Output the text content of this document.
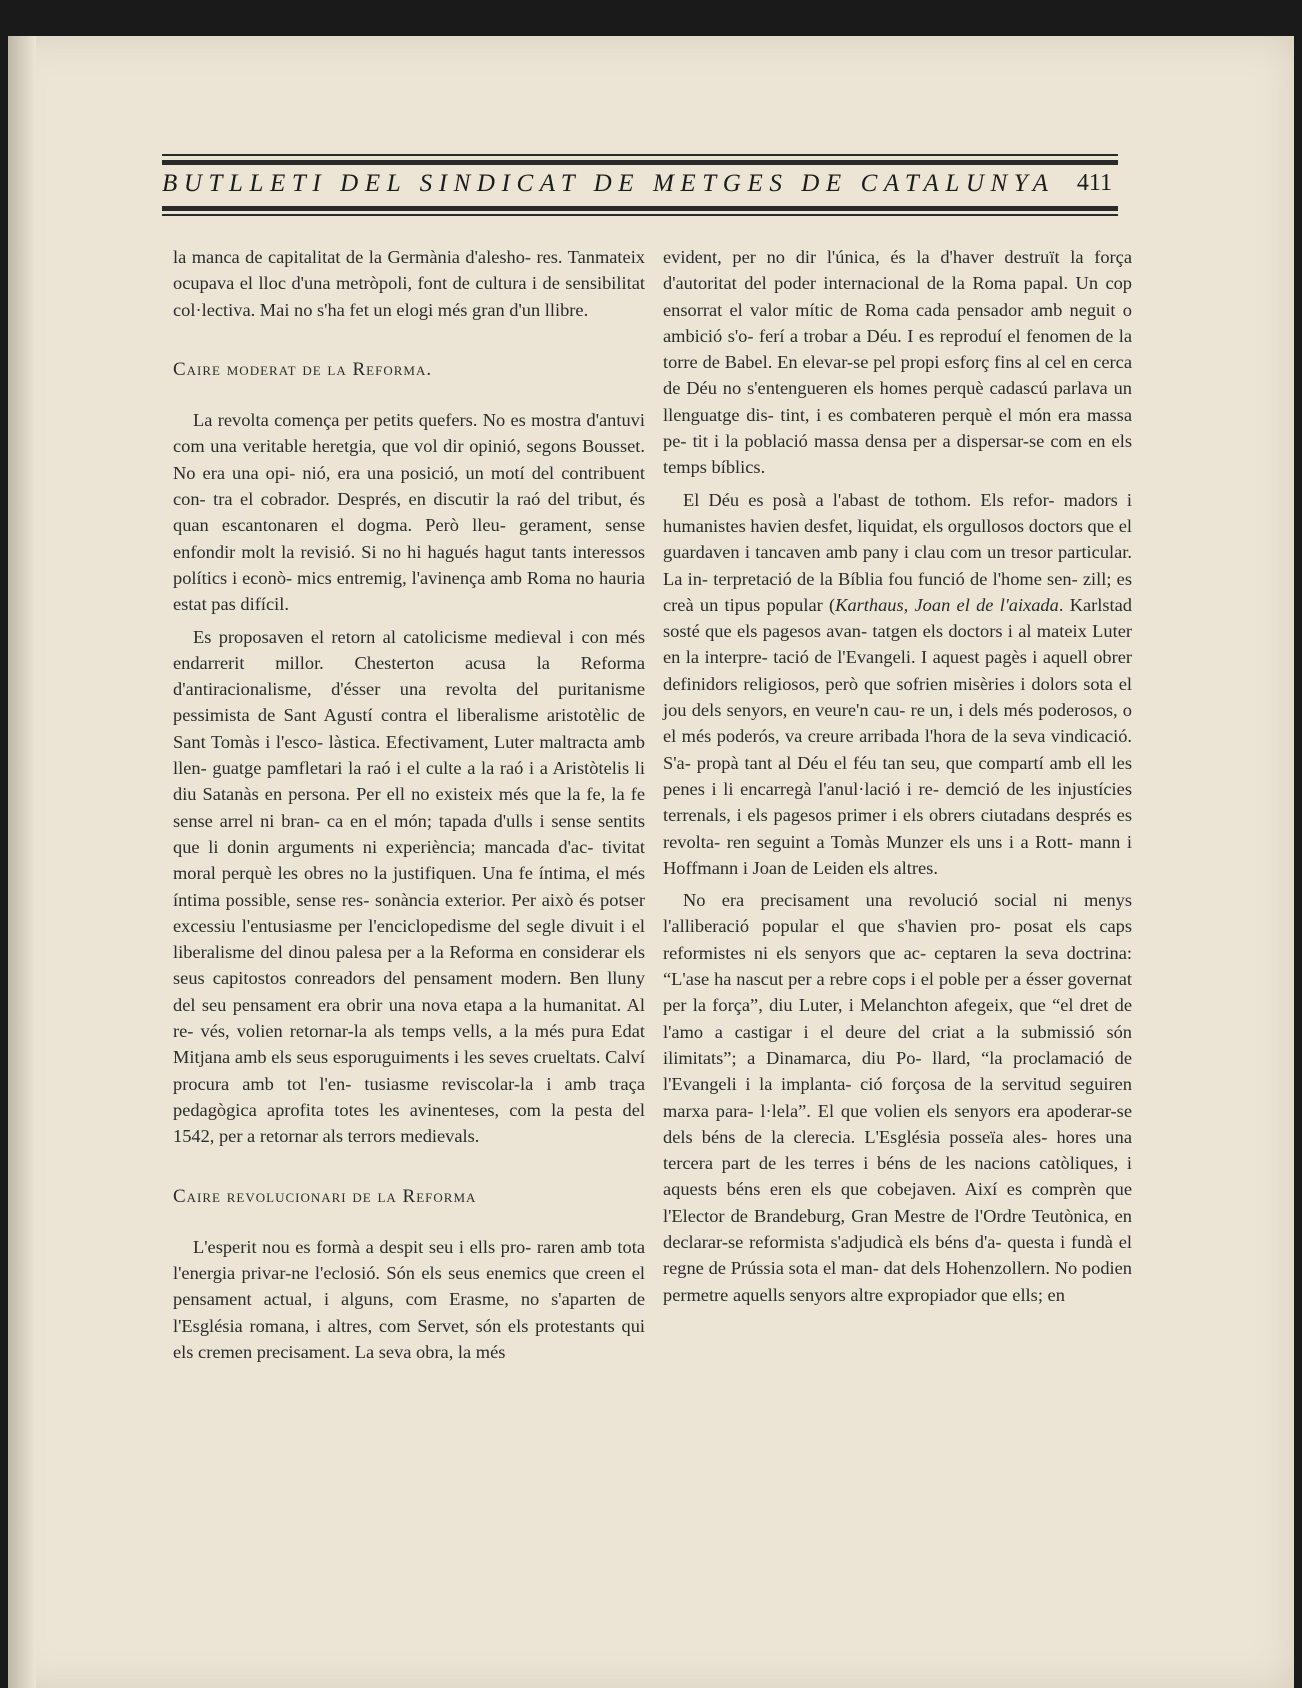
BUTLLETI DEL SINDICAT DE METGES DE CATALUNYA 411

la manca de capitalitat de la Germània d'alesho- res. Tanmateix ocupava el lloc d'una metròpoli, font de cultura i de sensibilitat col·lectiva. Mai no s'ha fet un elogi més gran d'un llibre.

Caire moderat de la Reforma.

La revolta comença per petits quefers. No es mostra d'antuvi com una veritable heretgia, que vol dir opinió, segons Bousset. No era una opi- nió, era una posició, un motí del contribuent con- tra el cobrador. Després, en discutir la raó del tribut, és quan escantonaren el dogma. Però lleu- gerament, sense enfondir molt la revisió. Si no hi hagués hagut tants interessos polítics i econò- mics entremig, l'avinença amb Roma no hauria estat pas difícil.

Es proposaven el retorn al catolicisme medieval i con més endarrerit millor. Chesterton acusa la Reforma d'antiracionalisme, d'ésser una revolta del puritanisme pessimista de Sant Agustí contra el liberalisme aristotèlic de Sant Tomàs i l'esco- làstica. Efectivament, Luter maltracta amb llen- guatge pamfletari la raó i el culte a la raó i a Aristòtelis li diu Satanàs en persona. Per ell no existeix més que la fe, la fe sense arrel ni bran- ca en el món; tapada d'ulls i sense sentits que li donin arguments ni experiència; mancada d'ac- tivitat moral perquè les obres no la justifiquen. Una fe íntima, el més íntima possible, sense res- sonància exterior. Per això és potser excessiu l'entusiasme per l'enciclopedisme del segle divuit i el liberalisme del dinou palesa per a la Reforma en considerar els seus capitostos conreadors del pensament modern. Ben lluny del seu pensament era obrir una nova etapa a la humanitat. Al re- vés, volien retornar-la als temps vells, a la més pura Edat Mitjana amb els seus esporuguiments i les seves crueltats. Calví procura amb tot l'en- tusiasme reviscolar-la i amb traça pedagògica aprofita totes les avinenteses, com la pesta del 1542, per a retornar als terrors medievals.

Caire revolucionari de la Reforma

L'esperit nou es formà a despit seu i ells pro- raren amb tota l'energia privar-ne l'eclosió. Són els seus enemics que creen el pensament actual, i alguns, com Erasme, no s'aparten de l'Església romana, i altres, com Servet, són els protestants qui els cremen precisament. La seva obra, la més

evident, per no dir l'única, és la d'haver destruït la força d'autoritat del poder internacional de la Roma papal. Un cop ensorrat el valor mític de Roma cada pensador amb neguit o ambició s'o- ferí a trobar a Déu. I es reproduí el fenomen de la torre de Babel. En elevar-se pel propi esforç fins al cel en cerca de Déu no s'entengueren els homes perquè cadascú parlava un llenguatge dis- tint, i es combateren perquè el món era massa pe- tit i la població massa densa per a dispersar-se com en els temps bíblics.

El Déu es posà a l'abast de tothom. Els refor- madors i humanistes havien desfet, liquidat, els orgullosos doctors que el guardaven i tancaven amb pany i clau com un tresor particular. La in- terpretació de la Bíblia fou funció de l'home sen- zill; es creà un tipus popular (Karthaus, Joan el de l'aixada. Karlstad sosté que els pagesos avan- tatgen els doctors i al mateix Luter en la interpre- tació de l'Evangeli. I aquest pagès i aquell obrer definidors religiosos, però que sofrien misèries i dolors sota el jou dels senyors, en veure'n cau- re un, i dels més poderosos, o el més poderós, va creure arribada l'hora de la seva vindicació. S'a- propà tant al Déu el féu tan seu, que compartí amb ell les penes i li encarregà l'anul·lació i re- demció de les injustícies terrenals, i els pagesos primer i els obrers ciutadans després es revolta- ren seguint a Tomàs Munzer els uns i a Rott- mann i Hoffmann i Joan de Leiden els altres.

No era precisament una revolució social ni menys l'alliberació popular el que s'havien pro- posat els caps reformistes ni els senyors que ac- ceptaren la seva doctrina: “L'ase ha nascut per a rebre cops i el poble per a ésser governat per la força”, diu Luter, i Melanchton afegeix, que “el dret de l'amo a castigar i el deure del criat a la submissió són ilimitats”; a Dinamarca, diu Po- llard, “la proclamació de l'Evangeli i la implanta- ció forçosa de la servitud seguiren marxa para- l·lela”. El que volien els senyors era apoderar-se dels béns de la clerecia. L'Església posseïa ales- hores una tercera part de les terres i béns de les nacions catòliques, i aquests béns eren els que cobejaven. Així es comprèn que l'Elector de Brandeburg, Gran Mestre de l'Ordre Teutònica, en declarar-se reformista s'adjudicà els béns d'a- questa i fundà el regne de Prússia sota el man- dat dels Hohenzollern. No podien permetre aquells senyors altre expropiador que ells; en
